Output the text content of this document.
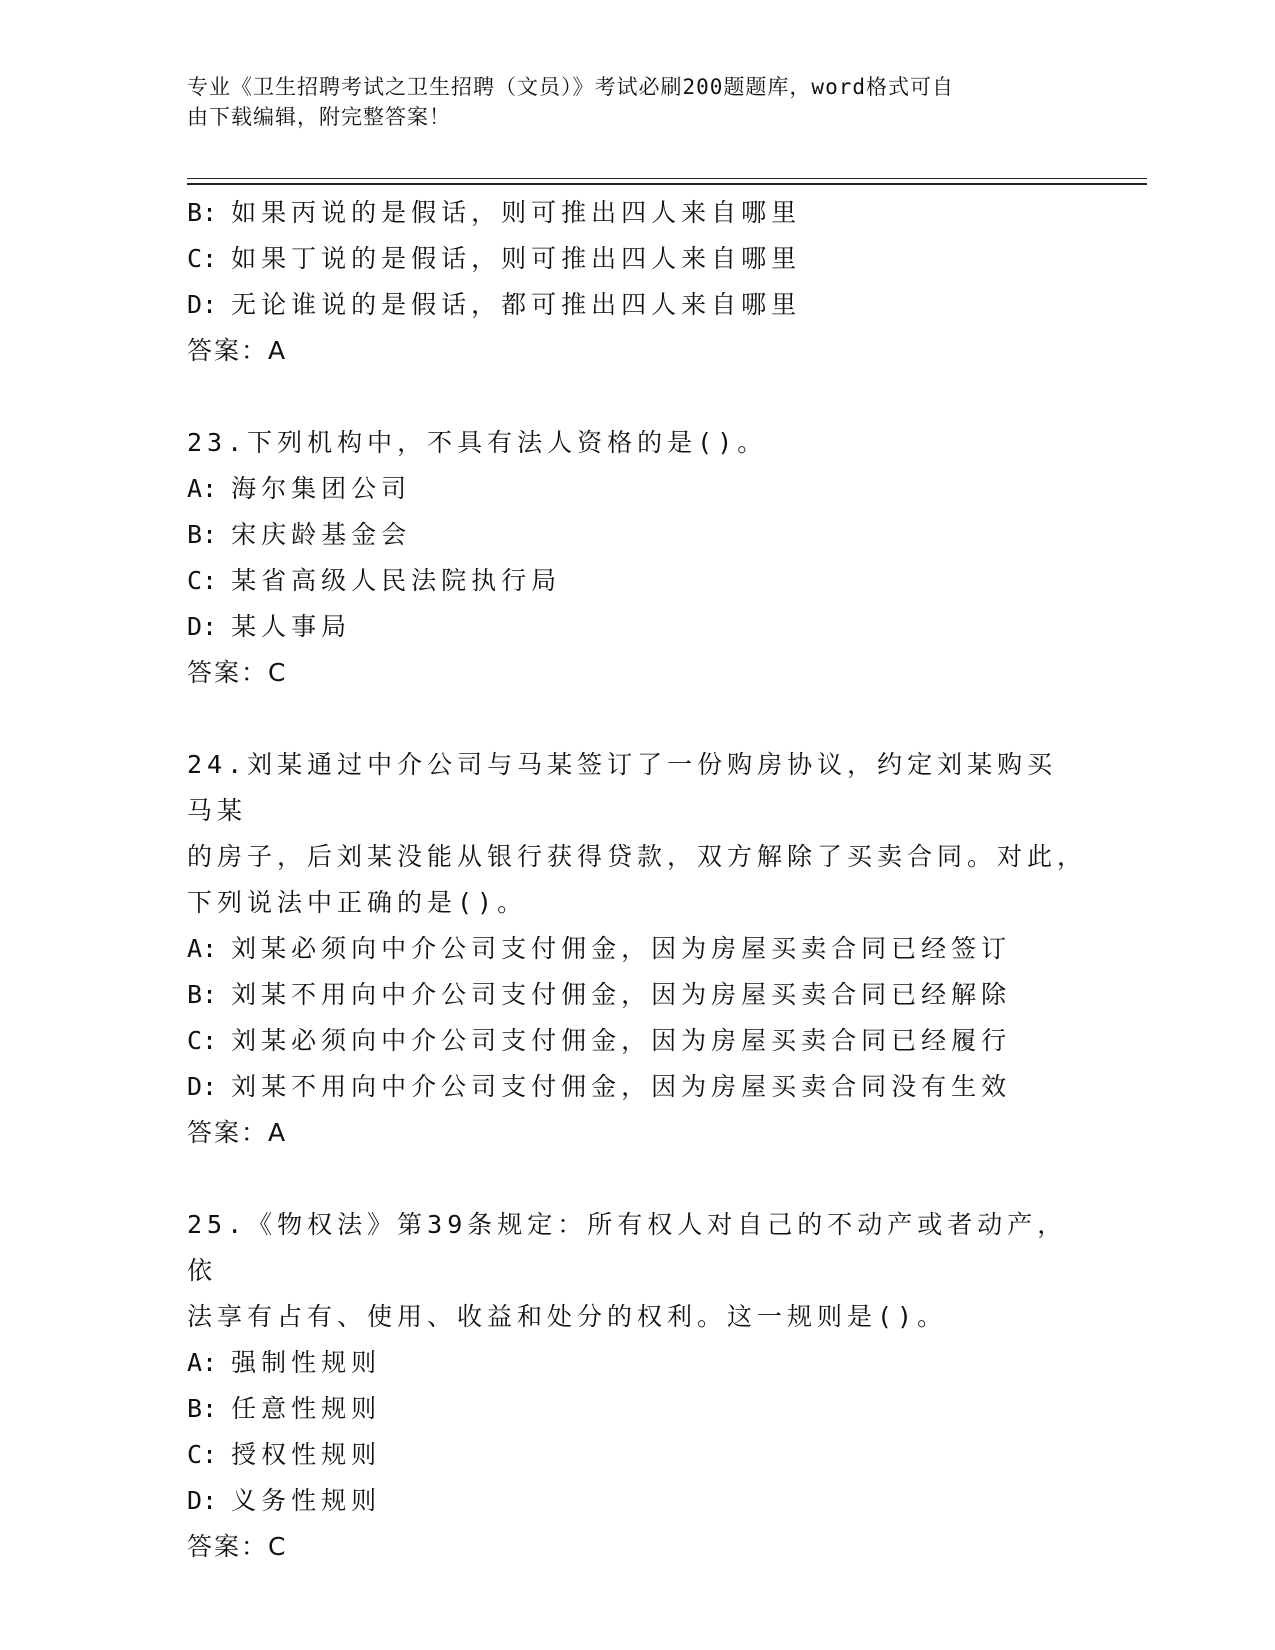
专业《卫生招聘考试之卫生招聘（文员）》考试必刷200题题库，word格式可自
由下载编辑，附完整答案！
B: 如果丙说的是假话，则可推出四人来自哪里
C: 如果丁说的是假话，则可推出四人来自哪里
D: 无论谁说的是假话，都可推出四人来自哪里
答案：A
23.下列机构中，不具有法人资格的是()。
A: 海尔集团公司
B: 宋庆龄基金会
C: 某省高级人民法院执行局
D: 某人事局
答案：C
24.刘某通过中介公司与马某签订了一份购房协议，约定刘某购买马某
的房子，后刘某没能从银行获得贷款，双方解除了买卖合同。对此，
下列说法中正确的是()。
A: 刘某必须向中介公司支付佣金，因为房屋买卖合同已经签订
B: 刘某不用向中介公司支付佣金，因为房屋买卖合同已经解除
C: 刘某必须向中介公司支付佣金，因为房屋买卖合同已经履行
D: 刘某不用向中介公司支付佣金，因为房屋买卖合同没有生效
答案：A
25.《物权法》第39条规定：所有权人对自己的不动产或者动产，依
法享有占有、使用、收益和处分的权利。这一规则是()。
A: 强制性规则
B: 任意性规则
C: 授权性规则
D: 义务性规则
答案：C
